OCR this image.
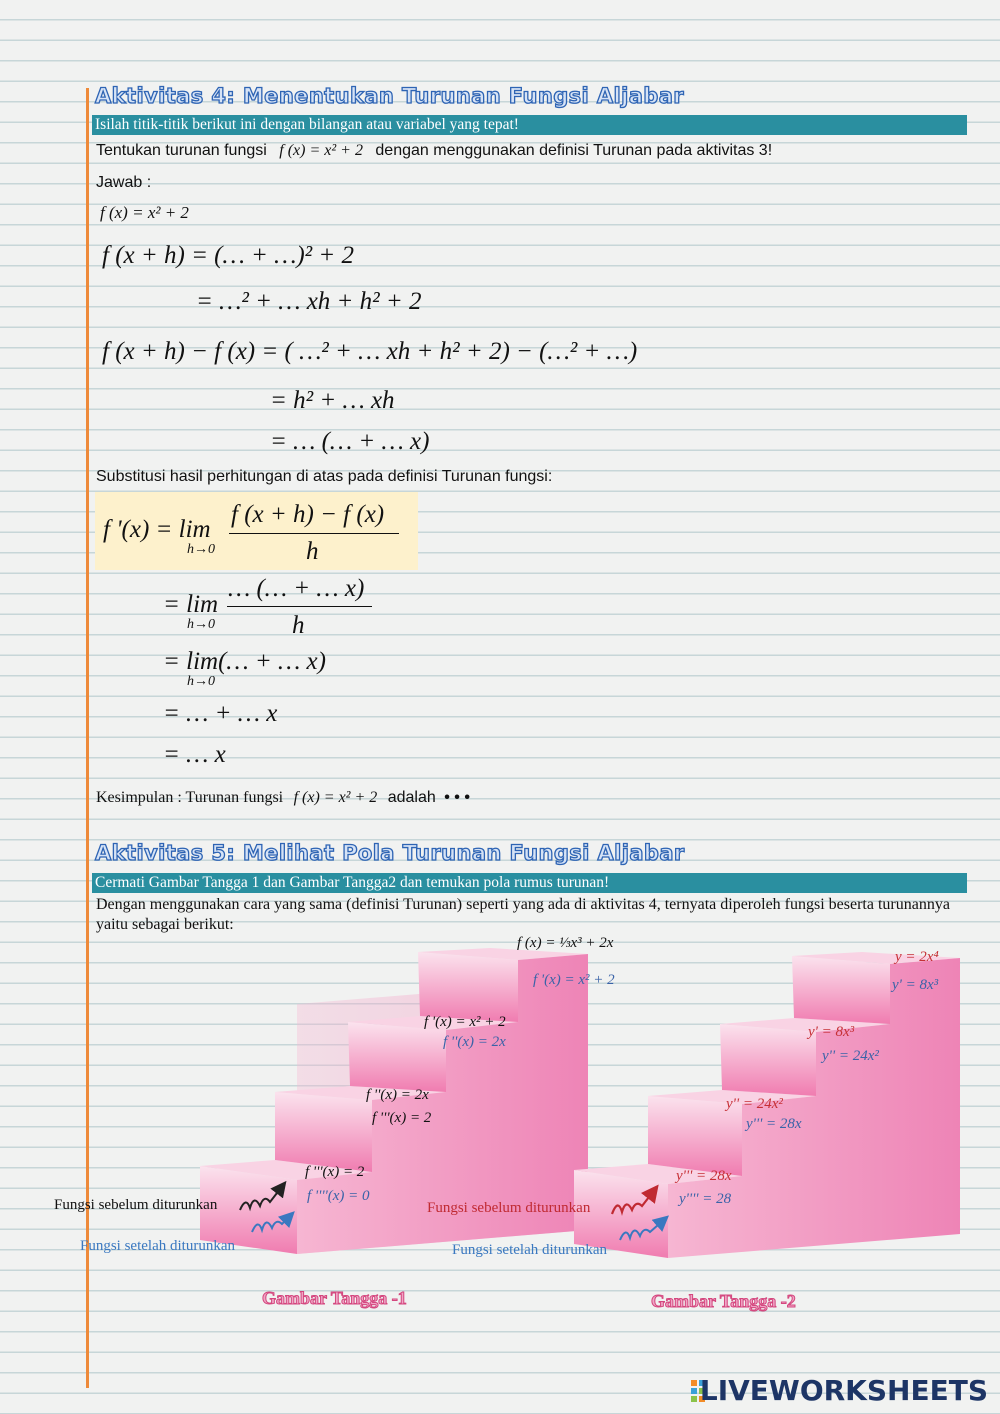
Aktivitas 4: Menentukan Turunan Fungsi Aljabar
Isilah titik-titik berikut ini dengan bilangan atau variabel yang tepat!
Tentukan turunan fungsi f (x) = x² + 2 dengan menggunakan definisi Turunan pada aktivitas 3!
Jawab :
f (x) = x² + 2
f (x + h) = (… + …)² + 2
= …² + … xh + h² + 2
f (x + h) − f (x) = ( …² + … xh + h² + 2) − (…² + …)
= h² + … xh
= … (… + … x)
Substitusi hasil perhitungan di atas pada definisi Turunan fungsi:
f '(x) = lim
h→0
f (x + h) − f (x)
h
= lim
h→0
… (… + … x)
h
= lim(… + … x)
h→0
= … + … x
= … x
Kesimpulan : Turunan fungsi f (x) = x² + 2 adalah • • •
Aktivitas 5: Melihat Pola Turunan Fungsi Aljabar
Cermati Gambar Tangga 1 dan Gambar Tangga2 dan temukan pola rumus turunan!
Dengan menggunakan cara yang sama (definisi Turunan) seperti yang ada di aktivitas 4, ternyata diperoleh fungsi beserta turunannya yaitu sebagai berikut:
f (x) = ⅓x³ + 2x
f '(x) = x² + 2
f '(x) = x² + 2
f ''(x) = 2x
f ''(x) = 2x
f '''(x) = 2
f '''(x) = 2
f ''''(x) = 0
Fungsi sebelum diturunkan
Fungsi setelah diturunkan
Gambar Tangga -1
y = 2x⁴
y' = 8x³
y' = 8x³
y'' = 24x²
y'' = 24x²
y''' = 28x
y''' = 28x
y'''' = 28
Fungsi sebelum diturunkan
Fungsi setelah diturunkan
Gambar Tangga -2
LIVEWORKSHEETS
